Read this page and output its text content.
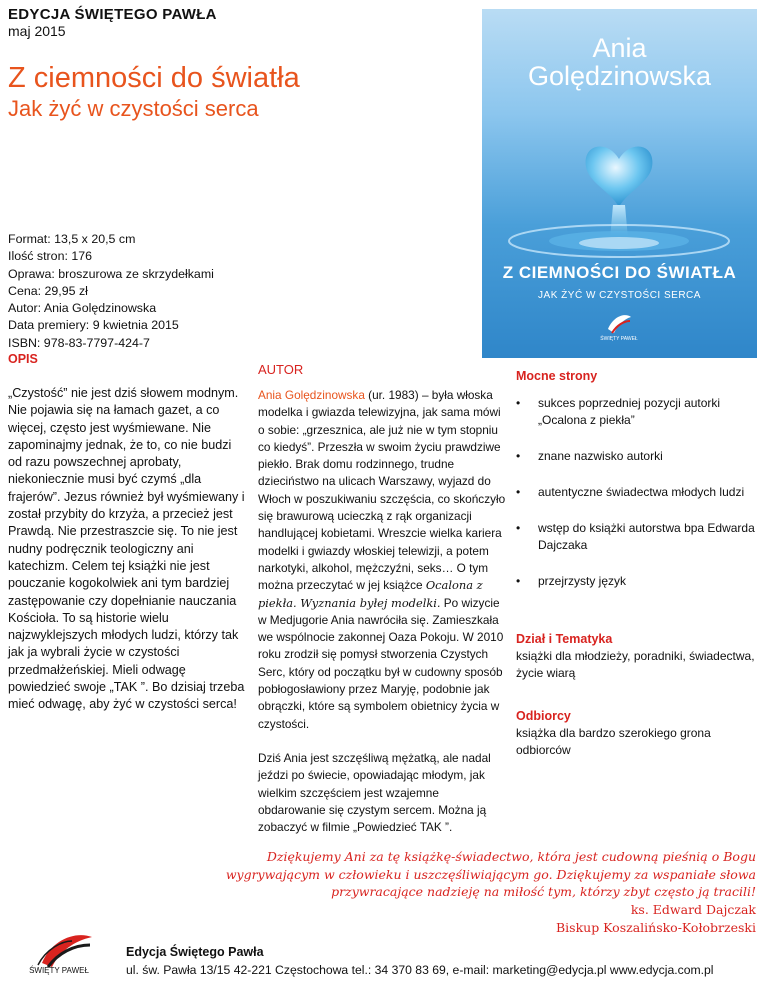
EDYCJA ŚWIĘTEGO PAWŁA
maj 2015
Z ciemności do światła
Jak żyć w czystości serca
Format: 13,5 x 20,5 cm
Ilość stron: 176
Oprawa: broszurowa ze skrzydełkami
Cena: 29,95 zł
Autor: Ania Golędzinowska
Data premiery: 9 kwietnia 2015
ISBN: 978-83-7797-424-7
Ania
Golędzinowska
Z CIEMNOŚCI DO ŚWIATŁA
JAK ŻYĆ W CZYSTOŚCI SERCA
ŚWIĘTY PAWEŁ
OPIS
„Czystość” nie jest dziś słowem modnym. Nie pojawia się na łamach gazet, a co więcej, często jest wyśmiewane. Nie zapominajmy jednak, że to, co nie budzi od razu powszechnej aprobaty, niekoniecznie musi być czymś „dla frajerów”. Jezus również był wyśmiewany i został przybity do krzyża, a przecież jest Prawdą. Nie przestraszcie się. To nie jest nudny podręcznik teologiczny ani katechizm. Celem tej książki nie jest pouczanie kogokolwiek ani tym bardziej zastępowanie czy dopełnianie nauczania Kościoła. To są historie wielu najzwyklejszych młodych ludzi, którzy tak jak ja wybrali życie w czystości przedmałżeńskiej. Mieli odwagę powiedzieć swoje „TAK ”. Bo dzisiaj trzeba mieć odwagę, aby żyć w czystości serca!
AUTOR
Ania Golędzinowska (ur. 1983) – była włoska modelka i gwiazda telewizyjna, jak sama mówi o sobie: „grzesznica, ale już nie w tym stopniu co kiedyś”. Przeszła w swoim życiu prawdziwe piekło. Brak domu rodzinnego, trudne dzieciństwo na ulicach Warszawy, wyjazd do Włoch w poszukiwaniu szczęścia, co skończyło się brawurową ucieczką z rąk organizacji handlującej kobietami. Wreszcie wielka kariera modelki i gwiazdy włoskiej telewizji, a potem narkotyki, alkohol, mężczyźni, seks… O tym można przeczytać w jej książce Ocalona z piekła. Wyznania byłej modelki. Po wizycie w Medjugorie Ania nawróciła się. Zamieszkała we wspólnocie zakonnej Oaza Pokoju. W 2010 roku zrodził się pomysł stworzenia Czystych Serc, który od początku był w cudowny sposób pobłogosławiony przez Maryję, podobnie jak obrączki, które są symbolem obietnicy życia w czystości.
Dziś Ania jest szczęśliwą mężatką, ale nadal jeździ po świecie, opowiadając młodym, jak wielkim szczęściem jest wzajemne obdarowanie się czystym sercem. Można ją zobaczyć w filmie „Powiedzieć TAK ”.
Mocne strony
• sukces poprzedniej pozycji autorki „Ocalona z piekła”
• znane nazwisko autorki
• autentyczne świadectwa młodych ludzi
• wstęp do książki autorstwa bpa Edwarda Dajczaka
• przejrzysty język
Dział i Tematyka
książki dla młodzieży, poradniki, świadectwa, życie wiarą
Odbiorcy
książka dla bardzo szerokiego grona odbiorców
Dziękujemy Ani za tę książkę-świadectwo, która jest cudowną pieśnią o Bogu
wygrywającym w człowieku i uszczęśliwiającym go. Dziękujemy za wspaniałe słowa
przywracające nadzieję na miłość tym, którzy zbyt często ją tracili!
ks. Edward Dajczak
Biskup Koszalińsko-Kołobrzeski
ŚWIĘTY PAWEŁ
Edycja Świętego Pawła
ul. św. Pawła 13/15 42-221 Częstochowa tel.: 34 370 83 69, e-mail: marketing@edycja.pl www.edycja.com.pl
